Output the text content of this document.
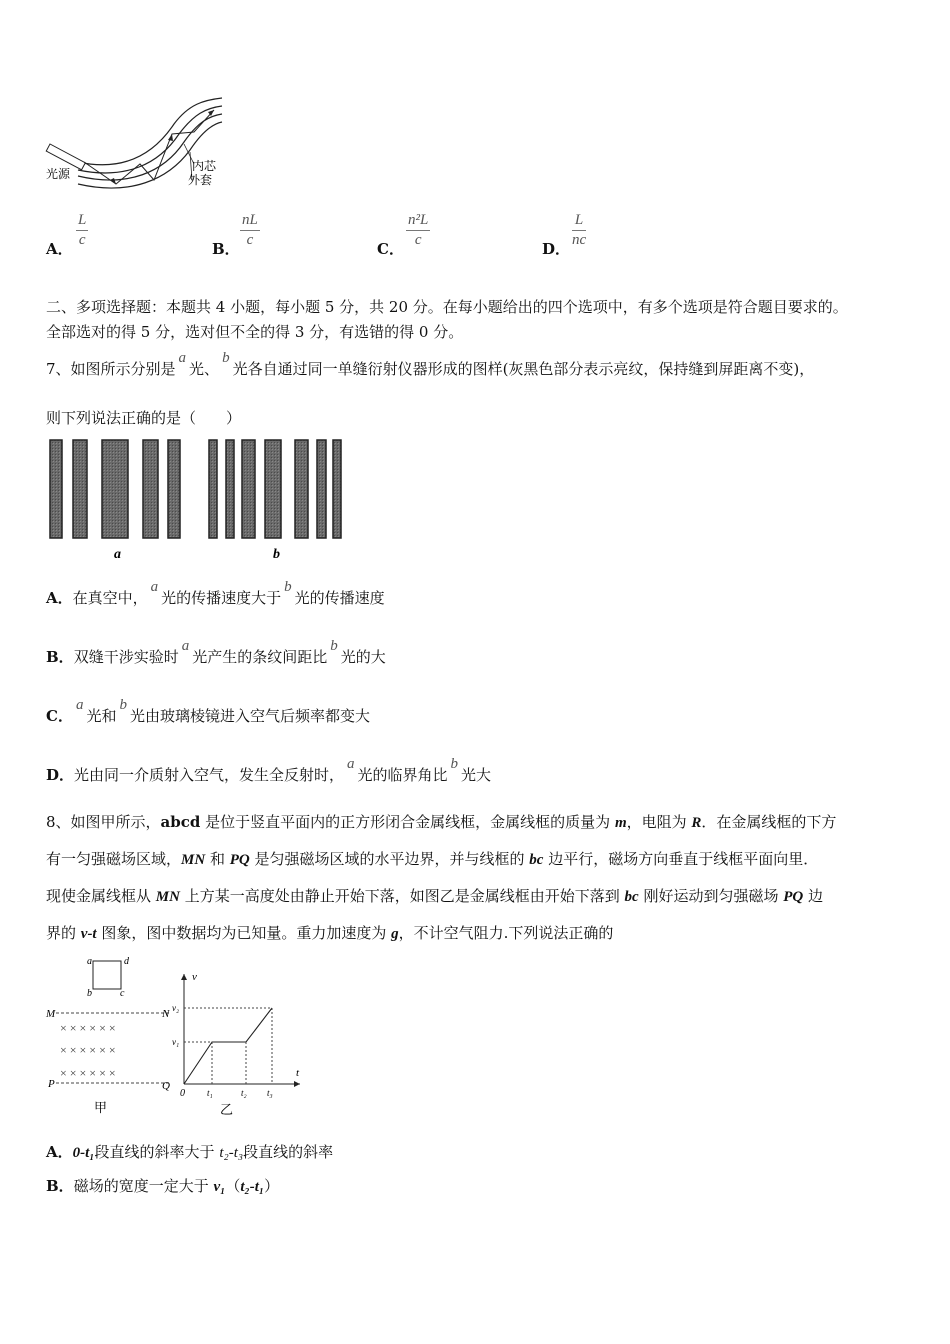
光源
内芯
外套
A． $\frac{L}{c}$	B． $\frac{nL}{c}$	C． $\frac{\text{n²L}}{c}$	D． $\frac{L}{nc}$
二、多项选择题：本题共 4 小题，每小题 5 分，共 20 分。在每小题给出的四个选项中，有多个选项是符合题目要求的。
全部选对的得 5 分，选对但不全的得 3 分，有选错的得 0 分。
7、如图所示分别是a光、b光各自通过同一单缝衍射仪器形成的图样(灰黑色部分表示亮纹，保持缝到屏距离不变)，
则下列说法正确的是（　　）
a	b
A．在真空中，a光的传播速度大于b光的传播速度
B．双缝干涉实验时a光产生的条纹间距比b光的大
C．a光和b光由玻璃棱镜进入空气后频率都变大
D．光由同一介质射入空气，发生全反射时，a光的临界角比b光大
8、如图甲所示，abcd 是位于竖直平面内的正方形闭合金属线框，金属线框的质量为 m，电阻为 R．在金属线框的下方
有一匀强磁场区域，MN 和 PQ 是匀强磁场区域的水平边界，并与线框的 bc 边平行，磁场方向垂直于线框平面向里．
现使金属线框从 MN 上方某一高度处由静止开始下落，如图乙是金属线框由开始下落到 bc 刚好运动到匀强磁场 PQ 边
界的 v-t 图象，图中数据均为已知量。重力加速度为 g，不计空气阻力.下列说法正确的
a	d
b	c
M	N
P	Q
× × × × × ×
× × × × × ×
× × × × × ×
v
t
0
v₁
v₂
t₁	t₂ t₃
甲	乙
A．0-t₁段直线的斜率大于 t₂-t₃段直线的斜率
B．磁场的宽度一定大于 v₁（t₂-t₁）
